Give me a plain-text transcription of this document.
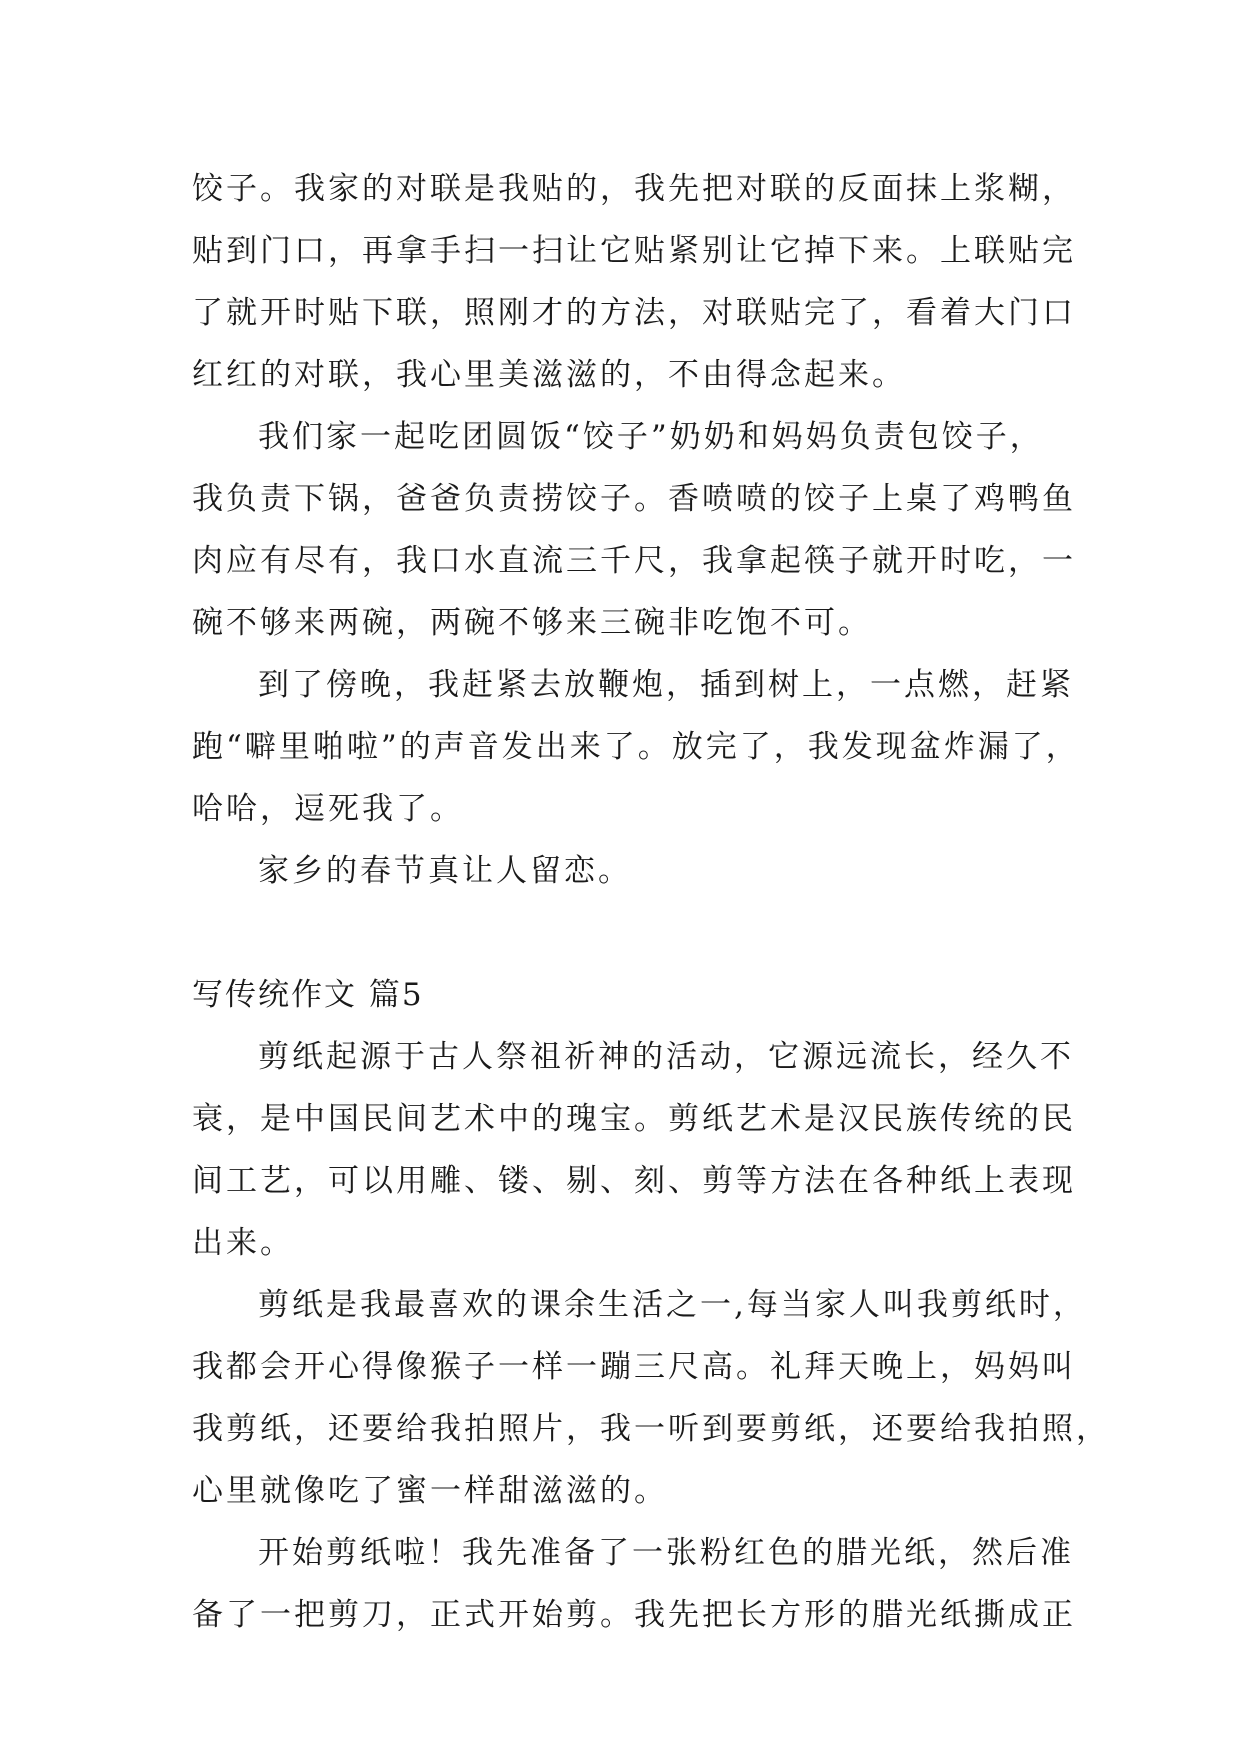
饺子。我家的对联是我贴的，我先把对联的反面抹上浆糊，
贴到门口，再拿手扫一扫让它贴紧别让它掉下来。上联贴完
了就开时贴下联，照刚才的方法，对联贴完了，看着大门口
红红的对联，我心里美滋滋的，不由得念起来。
我们家一起吃团圆饭“饺子”奶奶和妈妈负责包饺子，
我负责下锅，爸爸负责捞饺子。香喷喷的饺子上桌了鸡鸭鱼
肉应有尽有，我口水直流三千尺，我拿起筷子就开时吃，一
碗不够来两碗，两碗不够来三碗非吃饱不可。
到了傍晚，我赶紧去放鞭炮，插到树上，一点燃，赶紧
跑“噼里啪啦”的声音发出来了。放完了，我发现盆炸漏了，
哈哈，逗死我了。
家乡的春节真让人留恋。
写传统作文 篇5
剪纸起源于古人祭祖祈神的活动，它源远流长，经久不
衰，是中国民间艺术中的瑰宝。剪纸艺术是汉民族传统的民
间工艺，可以用雕、镂、剔、刻、剪等方法在各种纸上表现
出来。
剪纸是我最喜欢的课余生活之一,每当家人叫我剪纸时，
我都会开心得像猴子一样一蹦三尺高。礼拜天晚上，妈妈叫
我剪纸，还要给我拍照片，我一听到要剪纸，还要给我拍照，
心里就像吃了蜜一样甜滋滋的。
开始剪纸啦！我先准备了一张粉红色的腊光纸，然后准
备了一把剪刀，正式开始剪。我先把长方形的腊光纸撕成正
